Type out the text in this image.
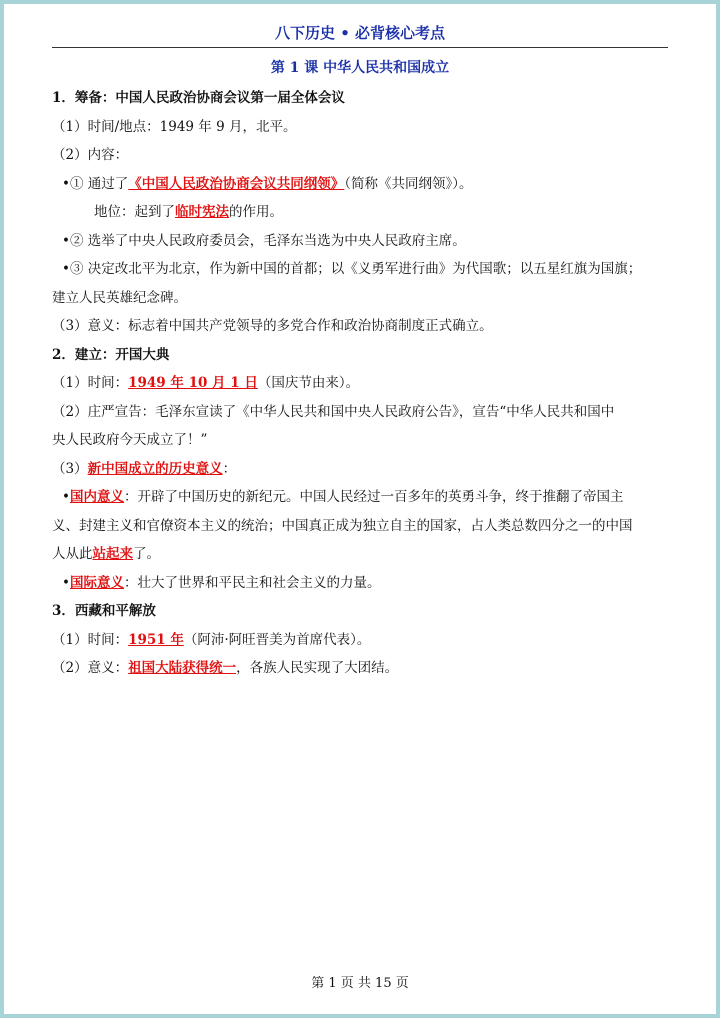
八下历史 • 必背核心考点
第 1 课 中华人民共和国成立

1．筹备：中国人民政治协商会议第一届全体会议

（1）时间/地点：1949 年 9 月，北平。

（2）内容：

•① 通过了《中国人民政治协商会议共同纲领》（简称《共同纲领》）。

地位：起到了临时宪法的作用。

•② 选举了中央人民政府委员会，毛泽东当选为中央人民政府主席。

•③ 决定改北平为北京，作为新中国的首都；以《义勇军进行曲》为代国歌；以五星红旗为国旗；

建立人民英雄纪念碑。

（3）意义：标志着中国共产党领导的多党合作和政治协商制度正式确立。

2．建立：开国大典

（1）时间：1949 年 10 月 1 日（国庆节由来）。

（2）庄严宣告：毛泽东宣读了《中华人民共和国中央人民政府公告》，宣告“中华人民共和国中

央人民政府今天成立了！”

（3）新中国成立的历史意义：

•国内意义：开辟了中国历史的新纪元。中国人民经过一百多年的英勇斗争，终于推翻了帝国主

义、封建主义和官僚资本主义的统治；中国真正成为独立自主的国家，占人类总数四分之一的中国

人从此站起来了。

•国际意义：壮大了世界和平民主和社会主义的力量。

3．西藏和平解放

（1）时间：1951 年（阿沛·阿旺晋美为首席代表）。

（2）意义：祖国大陆获得统一，各族人民实现了大团结。

第 1 页 共 15 页
